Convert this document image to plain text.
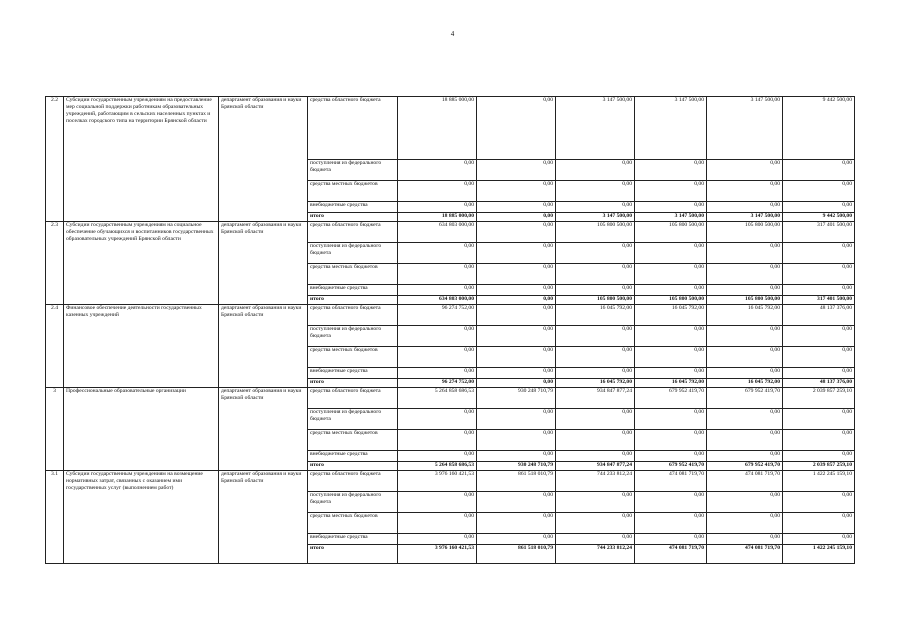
4
2.2	Субсидии государственным учреждениям на предоставление мер социальной поддержки работникам образовательных учреждений, работающим в сельских населенных пунктах и поселках городского типа на территории Брянской области	департамент образования и науки Брянской области	средства областного бюджета	18 885 000,00	0,00	3 147 500,00	3 147 500,00	3 147 500,00	9 442 500,00
			поступления из федерального бюджета	0,00	0,00	0,00	0,00	0,00	0,00
			средства местных бюджетов	0,00	0,00	0,00	0,00	0,00	0,00
			внебюджетные средства	0,00	0,00	0,00	0,00	0,00	0,00
			итого	18 885 000,00	0,00	3 147 500,00	3 147 500,00	3 147 500,00	9 442 500,00
2.3	Субсидии государственным учреждениям на социальное обеспечение обучающихся и воспитанников государственных образовательных учреждений Брянской области	департамент образования и науки Брянской области	средства областного бюджета	634 803 000,00	0,00	105 800 500,00	105 800 500,00	105 800 500,00	317 401 500,00
			поступления из федерального бюджета	0,00	0,00	0,00	0,00	0,00	0,00
			средства местных бюджетов	0,00	0,00	0,00	0,00	0,00	0,00
			внебюджетные средства	0,00	0,00	0,00	0,00	0,00	0,00
			итого	634 803 000,00	0,00	105 800 500,00	105 800 500,00	105 800 500,00	317 401 500,00
2.4	Финансовое обеспечение деятельности государственных казенных учреждений	департамент образования и науки Брянской области	средства областного бюджета	96 274 752,00	0,00	16 045 792,00	16 045 792,00	16 045 792,00	48 137 376,00
			поступления из федерального бюджета	0,00	0,00	0,00	0,00	0,00	0,00
			средства местных бюджетов	0,00	0,00	0,00	0,00	0,00	0,00
			внебюджетные средства	0,00	0,00	0,00	0,00	0,00	0,00
			итого	96 274 752,00	0,00	16 045 792,00	16 045 792,00	16 045 792,00	48 137 376,00
3	Профессиональные образовательные организации	департамент образования и науки Брянской области	средства областного бюджета	5 264 858 686,53	930 248 710,79	934 847 877,24	679 952 419,70	679 952 419,70	2 039 857 259,10
			поступления из федерального бюджета	0,00	0,00	0,00	0,00	0,00	0,00
			средства местных бюджетов	0,00	0,00	0,00	0,00	0,00	0,00
			внебюджетные средства	0,00	0,00	0,00	0,00	0,00	0,00
			итого	5 264 858 686,53	930 248 710,79	934 847 877,24	679 952 419,70	679 952 419,70	2 039 857 259,10
3.1	Субсидии государственным учреждениям на возмещение нормативных затрат, связанных с оказанием ими государственных услуг (выполнением работ)	департамент образования и науки Брянской области	средства областного бюджета	3 976 160 421,53	861 518 010,79	744 233 812,24	474 081 719,70	474 081 719,70	1 422 245 159,10
			поступления из федерального бюджета	0,00	0,00	0,00	0,00	0,00	0,00
			средства местных бюджетов	0,00	0,00	0,00	0,00	0,00	0,00
			внебюджетные средства	0,00	0,00	0,00	0,00	0,00	0,00
			итого	3 976 160 421,53	861 518 010,79	744 233 812,24	474 081 719,70	474 081 719,70	1 422 245 159,10
